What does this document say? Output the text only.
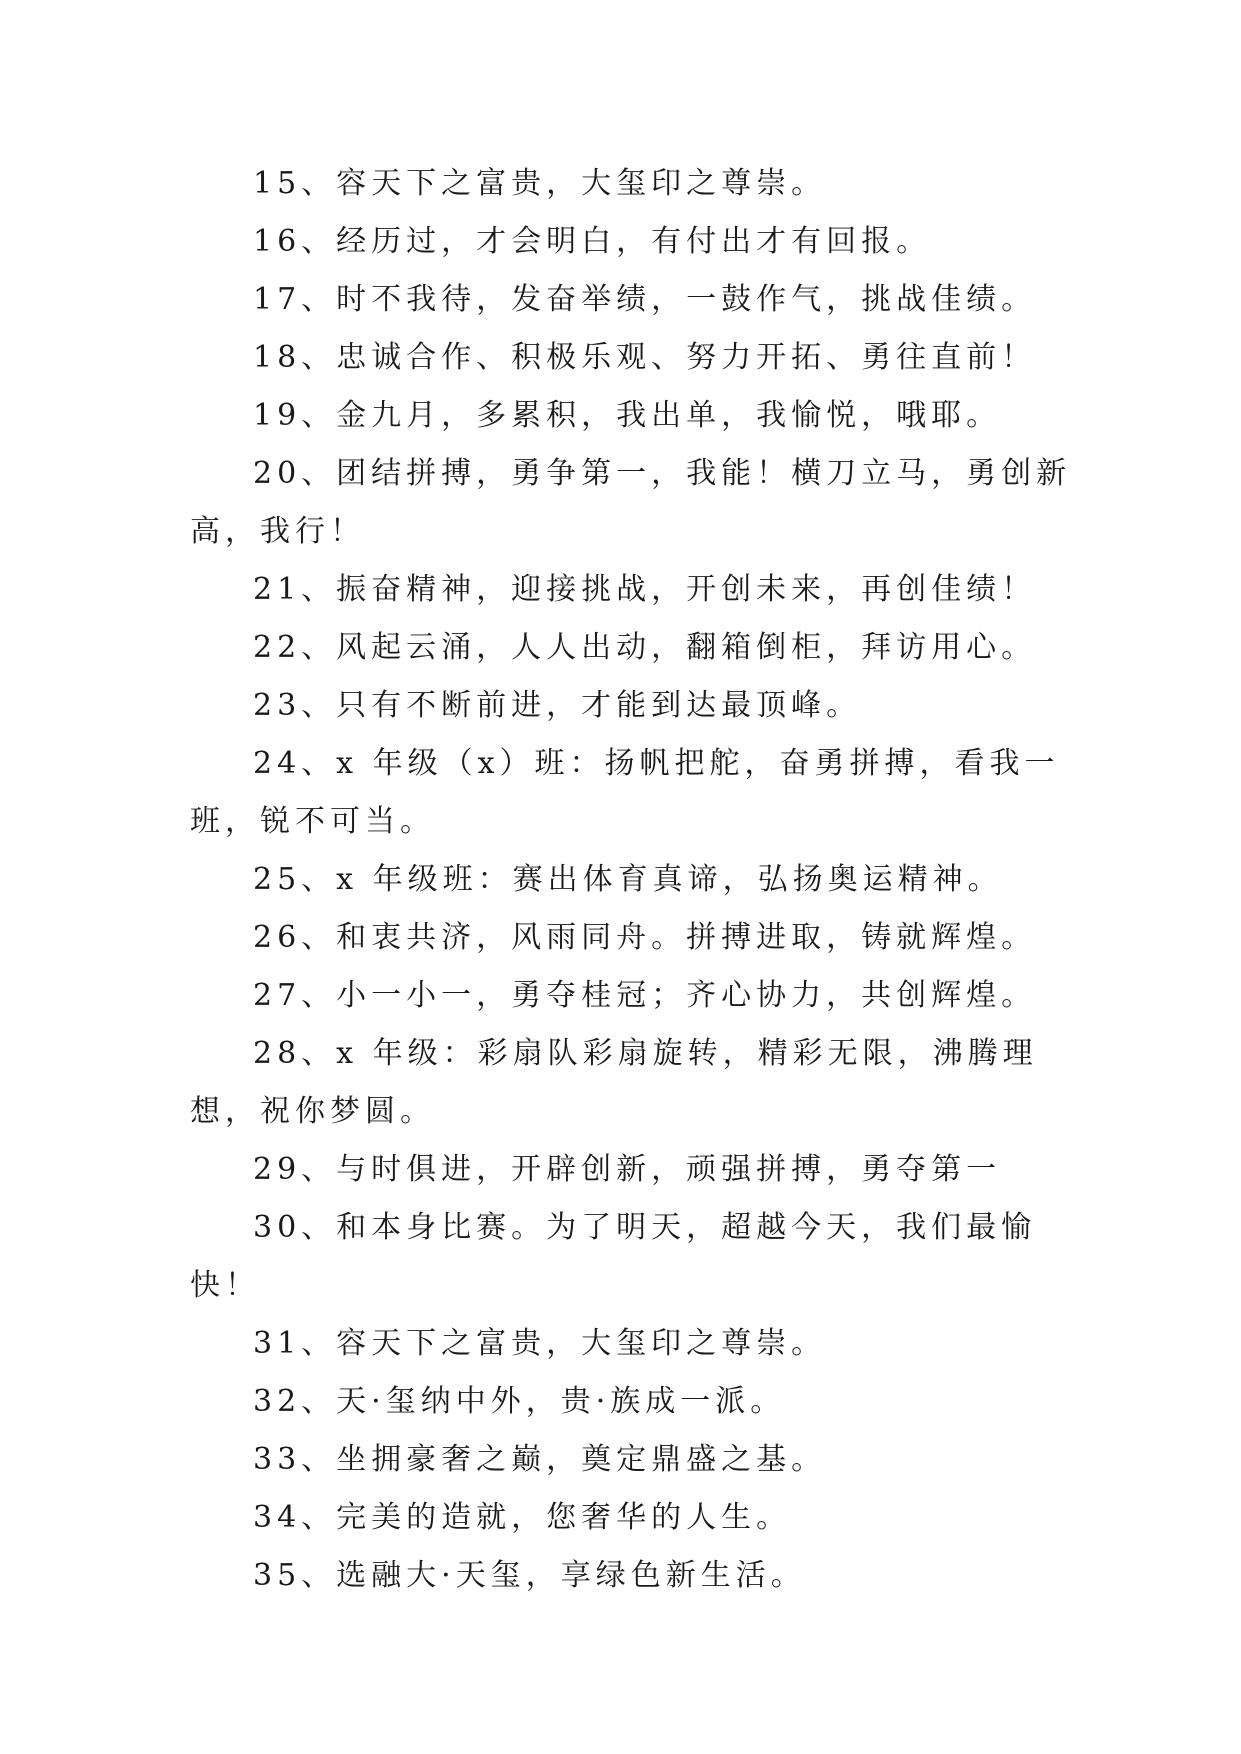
15、容天下之富贵，大玺印之尊崇。

16、经历过，才会明白，有付出才有回报。

17、时不我待，发奋举绩，一鼓作气，挑战佳绩。

18、忠诚合作、积极乐观、努力开拓、勇往直前！

19、金九月，多累积，我出单，我愉悦，哦耶。

20、团结拼搏，勇争第一，我能！横刀立马，勇创新高，我行！

21、振奋精神，迎接挑战，开创未来，再创佳绩！

22、风起云涌，人人出动，翻箱倒柜，拜访用心。

23、只有不断前进，才能到达最顶峰。

24、x 年级（x）班：扬帆把舵，奋勇拼搏，看我一班，锐不可当。

25、x 年级班：赛出体育真谛，弘扬奥运精神。

26、和衷共济，风雨同舟。拼搏进取，铸就辉煌。

27、小一小一，勇夺桂冠；齐心协力，共创辉煌。

28、x 年级：彩扇队彩扇旋转，精彩无限，沸腾理想，祝你梦圆。

29、与时俱进，开辟创新，顽强拼搏，勇夺第一

30、和本身比赛。为了明天，超越今天，我们最愉快！

31、容天下之富贵，大玺印之尊崇。

32、天·玺纳中外，贵·族成一派。

33、坐拥豪奢之巅，奠定鼎盛之基。

34、完美的造就，您奢华的人生。

35、选融大·天玺，享绿色新生活。
